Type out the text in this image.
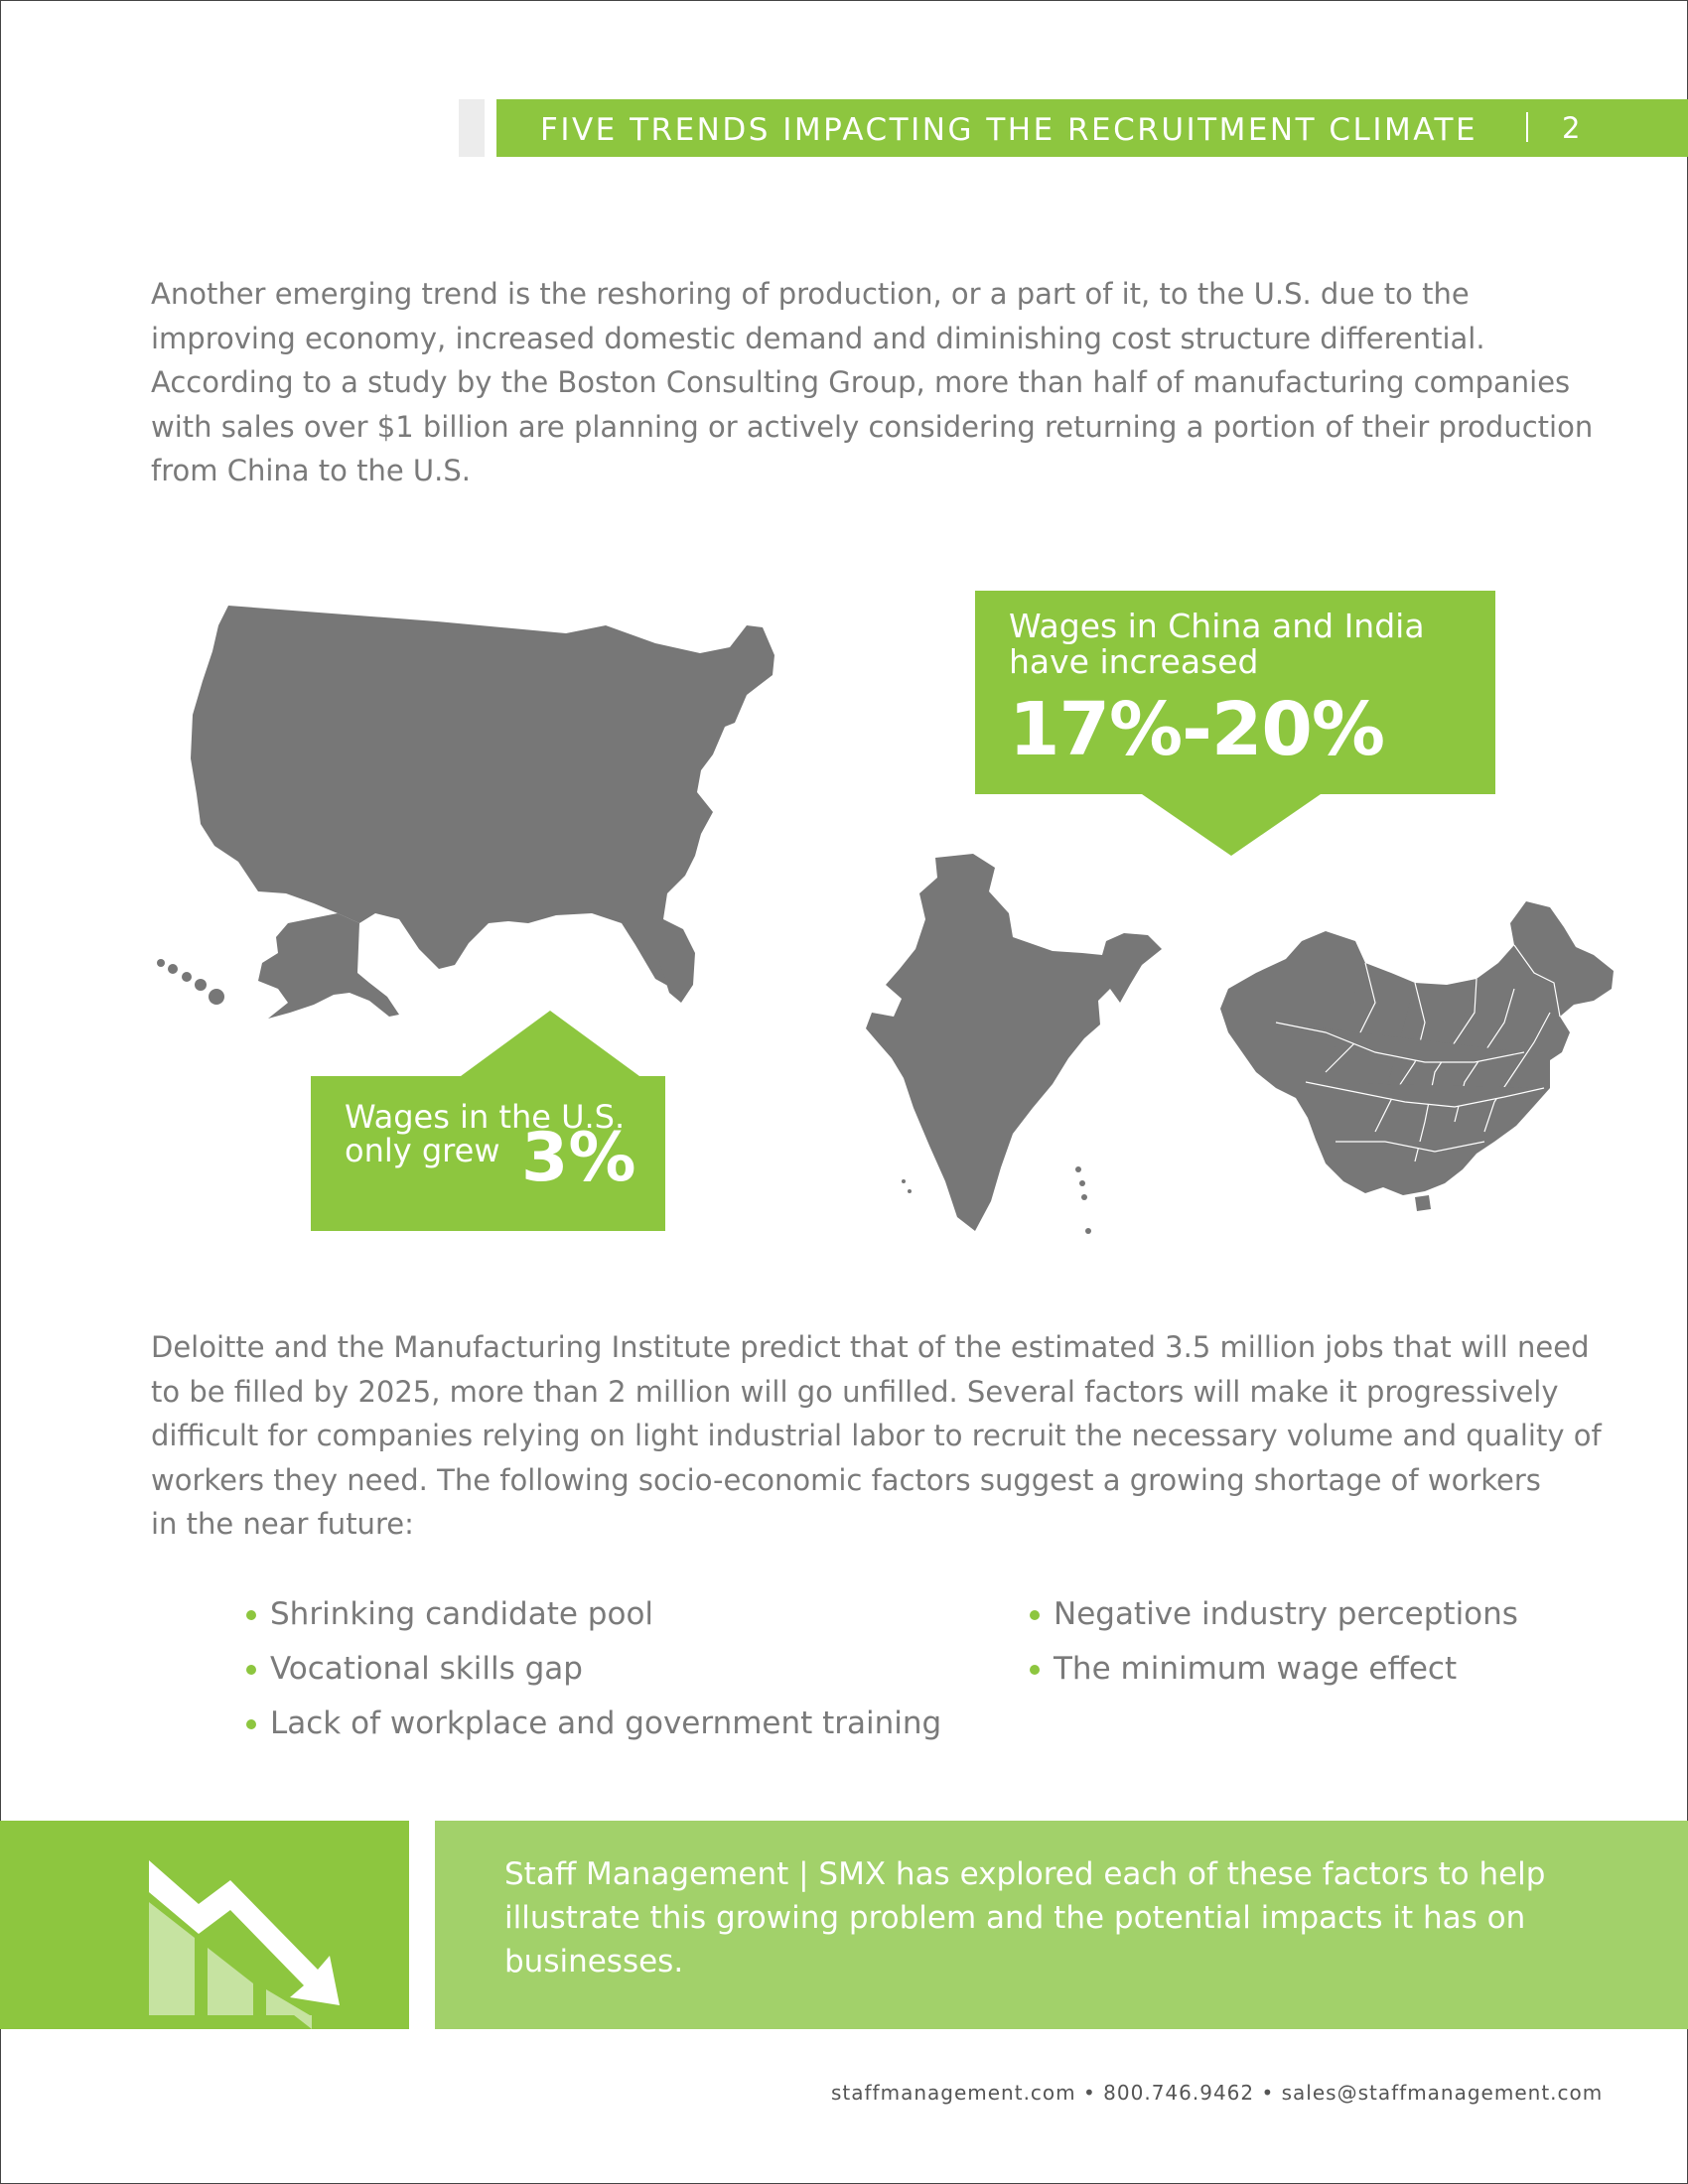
FIVE TRENDS IMPACTING THE RECRUITMENT CLIMATE	2

Another emerging trend is the reshoring of production, or a part of it, to the U.S. due to the
improving economy, increased domestic demand and diminishing cost structure differential.
According to a study by the Boston Consulting Group, more than half of manufacturing companies
with sales over $1 billion are planning or actively considering returning a portion of their production
from China to the U.S.

Wages in China and India
have increased
17%-20%
Wages in the U.S.
only grew 3%

Deloitte and the Manufacturing Institute predict that of the estimated 3.5 million jobs that will need
to be filled by 2025, more than 2 million will go unfilled. Several factors will make it progressively
difficult for companies relying on light industrial labor to recruit the necessary volume and quality of
workers they need. The following socio-economic factors suggest a growing shortage of workers
in the near future:

Shrinking candidate pool
Vocational skills gap
Lack of workplace and government training
Negative industry perceptions
The minimum wage effect
Staff Management | SMX has explored each of these factors to help
illustrate this growing problem and the potential impacts it has on
businesses.
staffmanagement.com • 800.746.9462 • sales@staffmanagement.com
